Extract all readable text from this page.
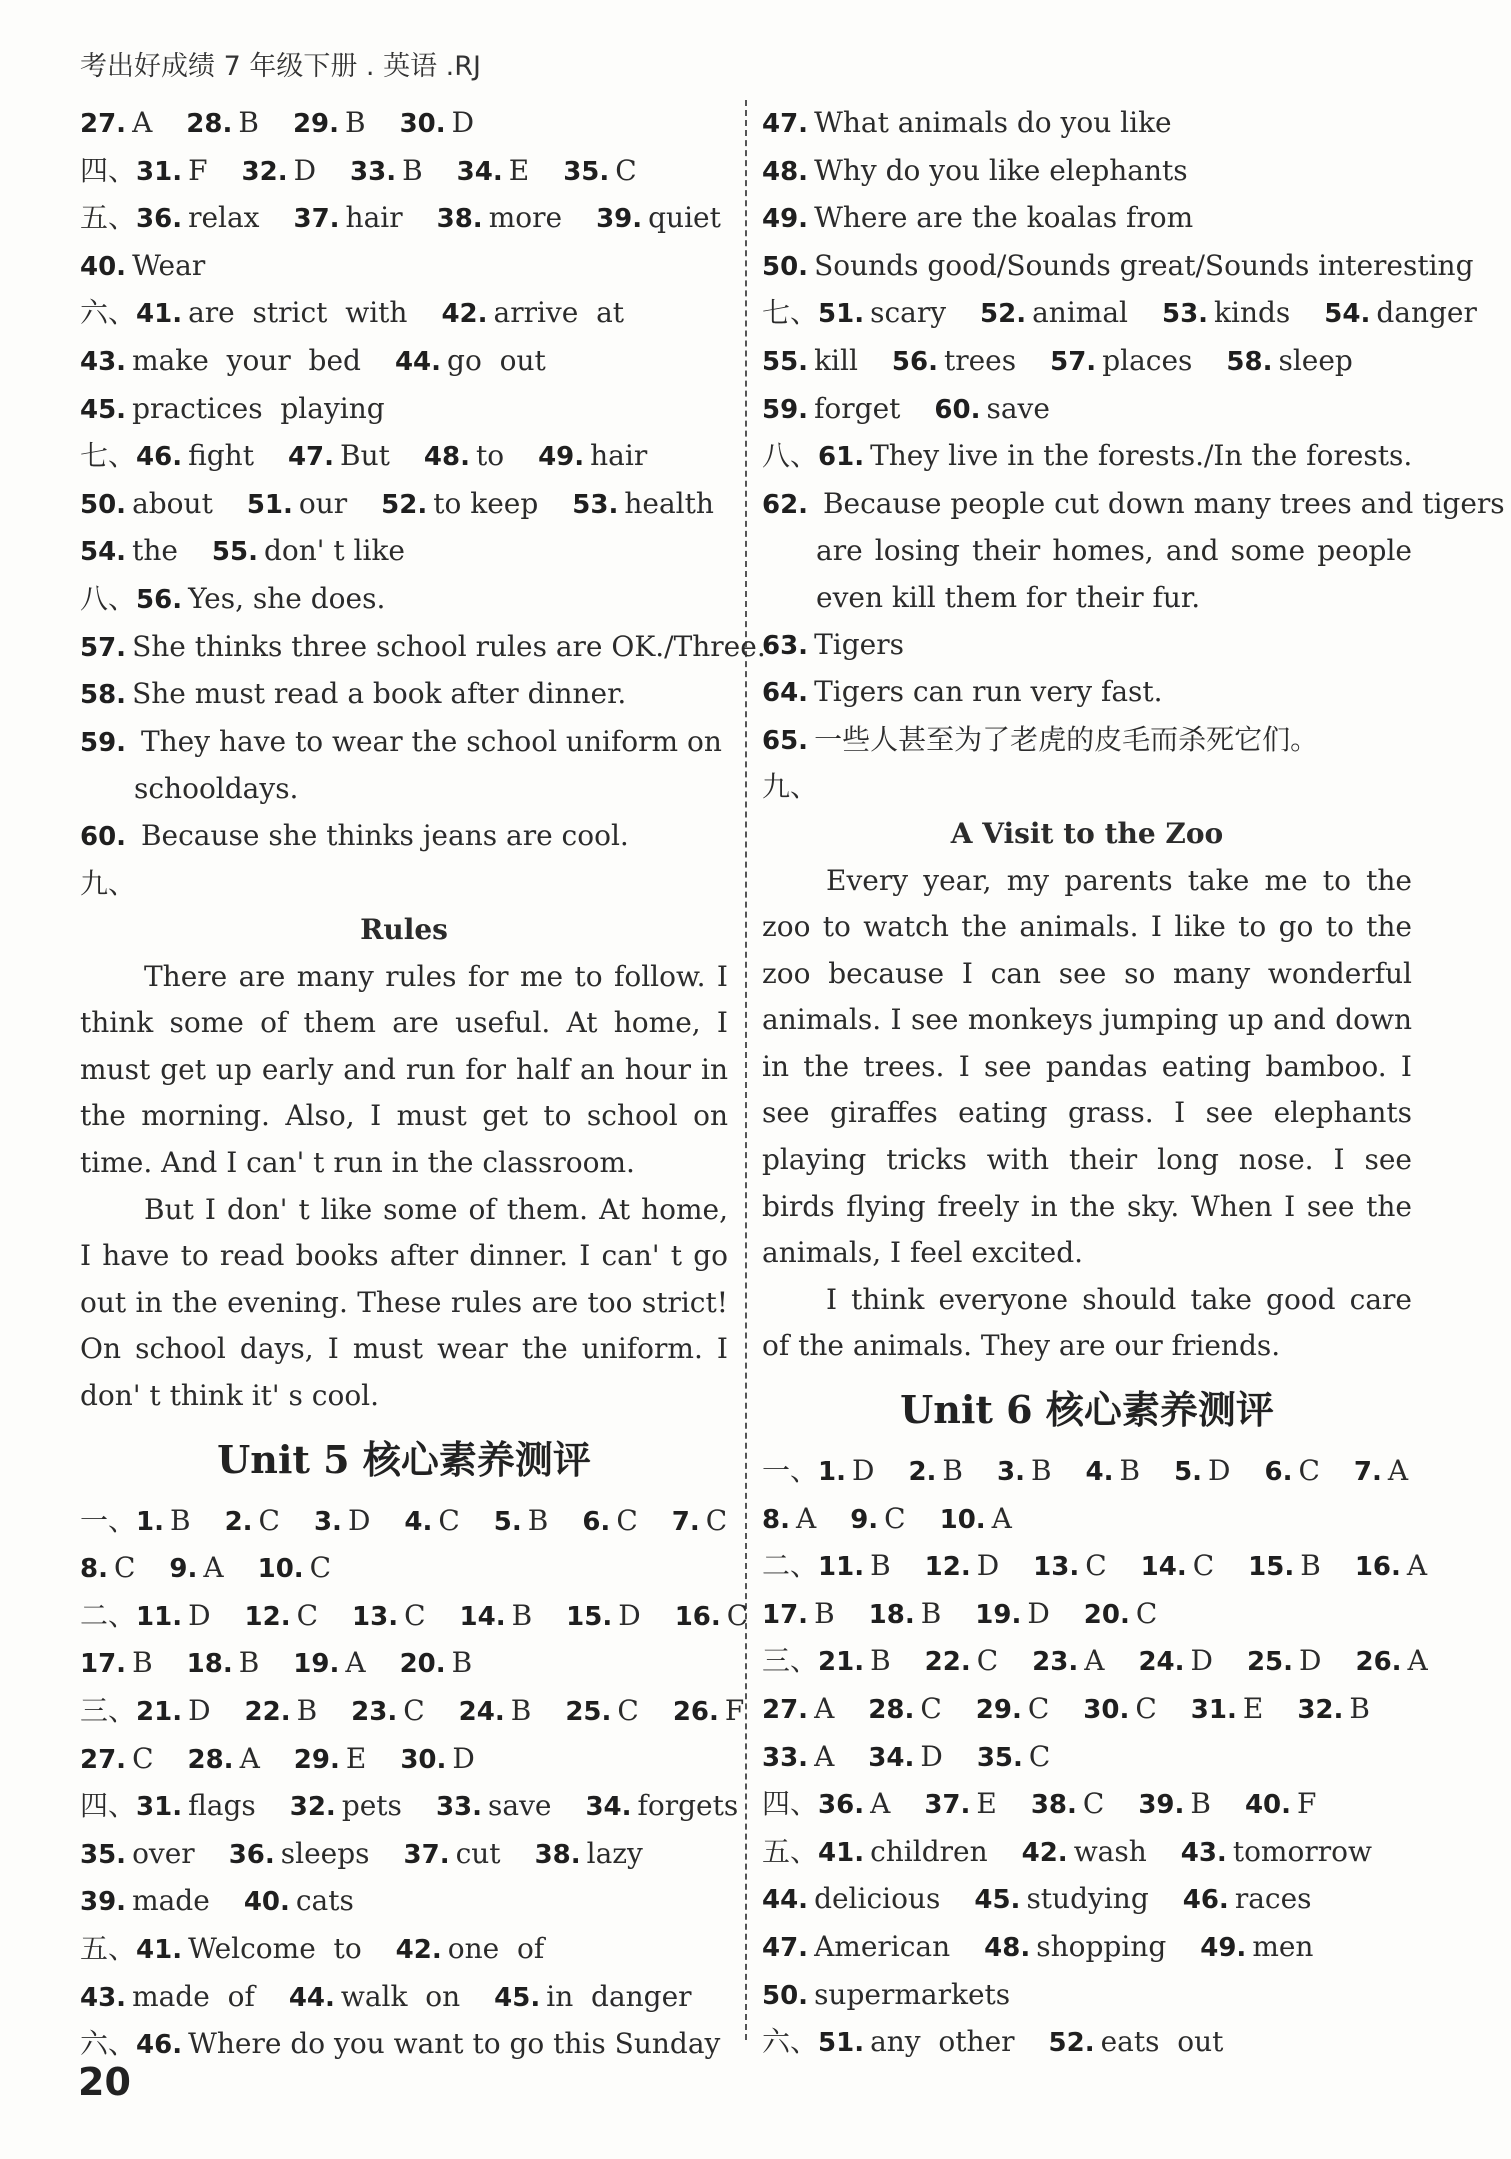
考出好成绩 7 年级下册 . 英语 .RJ
27. A 28. B 29. B 30. D
四、31. F 32. D 33. B 34. E 35. C
五、36. relax 37. hair 38. more 39. quiet
40. Wear
六、41. are  strict  with 42. arrive  at
43. make  your  bed 44. go  out
45. practices  playing
七、46. fight 47. But 48. to 49. hair
50. about 51. our 52. to keep 53. health
54. the 55. don' t like
八、56. Yes, she does.
57. She thinks three school rules are OK./Three.
58. She must read a book after dinner.
59. They have to wear the school uniform on
schooldays.
60. Because she thinks jeans are cool.
九、
Rules
There are many rules for me to follow. I think some of them are useful. At home, I must get up early and run for half an hour in the morning. Also, I must get to school on time. And I can' t run in the classroom.
But I don' t like some of them. At home, I have to read books after dinner. I can' t go out in the evening. These rules are too strict! On school days, I must wear the uniform. I don' t think it' s cool.
Unit 5 核心素养测评
一、1. B 2. C 3. D 4. C 5. B 6. C 7. C
8. C 9. A 10. C
二、11. D 12. C 13. C 14. B 15. D 16. C
17. B 18. B 19. A 20. B
三、21. D 22. B 23. C 24. B 25. C 26. F
27. C 28. A 29. E 30. D
四、31. flags 32. pets 33. save 34. forgets
35. over 36. sleeps 37. cut 38. lazy
39. made 40. cats
五、41. Welcome  to 42. one  of
43. made  of 44. walk  on 45. in  danger
六、46. Where do you want to go this Sunday
47. What animals do you like
48. Why do you like elephants
49. Where are the koalas from
50. Sounds good/Sounds great/Sounds interesting
七、51. scary 52. animal 53. kinds 54. danger
55. kill 56. trees 57. places 58. sleep
59. forget 60. save
八、61. They live in the forests./In the forests.
62. Because people cut down many trees and tigers
are losing their homes, and some people even kill them for their fur.
63. Tigers
64. Tigers can run very fast.
65. 一些人甚至为了老虎的皮毛而杀死它们。
九、
A Visit to the Zoo
Every year, my parents take me to the zoo to watch the animals. I like to go to the zoo because I can see so many wonderful animals. I see monkeys jumping up and down in the trees. I see pandas eating bamboo. I see giraffes eating grass. I see elephants playing tricks with their long nose. I see birds flying freely in the sky. When I see the animals, I feel excited.
I think everyone should take good care of the animals. They are our friends.
Unit 6 核心素养测评
一、1. D 2. B 3. B 4. B 5. D 6. C 7. A
8. A 9. C 10. A
二、11. B 12. D 13. C 14. C 15. B 16. A
17. B 18. B 19. D 20. C
三、21. B 22. C 23. A 24. D 25. D 26. A
27. A 28. C 29. C 30. C 31. E 32. B
33. A 34. D 35. C
四、36. A 37. E 38. C 39. B 40. F
五、41. children 42. wash 43. tomorrow
44. delicious 45. studying 46. races
47. American 48. shopping 49. men
50. supermarkets
六、51. any  other 52. eats  out
20
